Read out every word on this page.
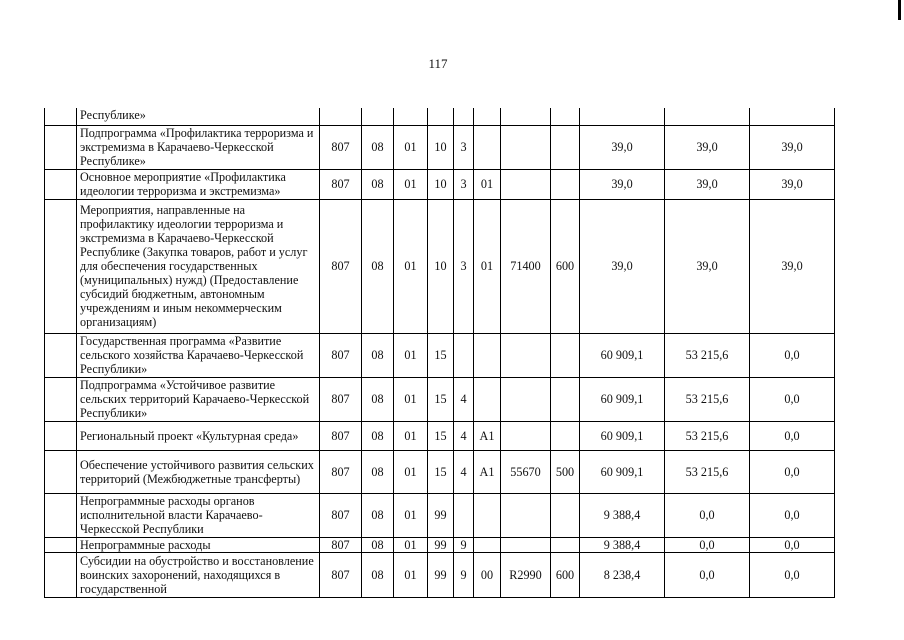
117
	Республике»											
	Подпрограмма «Профилактика терроризма и экстремизма в Карачаево-Черкесской Республике»	807	08	01	10	3				39,0	39,0	39,0
	Основное мероприятие «Профилактика идеологии терроризма и экстремизма»	807	08	01	10	3	01			39,0	39,0	39,0
	Мероприятия, направленные на профилактику идеологии терроризма и экстремизма в Карачаево-Черкесской Республике (Закупка товаров, работ и услуг для обеспечения государственных (муниципальных) нужд) (Предоставление субсидий бюджетным, автономным учреждениям и иным некоммерческим организациям)	807	08	01	10	3	01	71400	600	39,0	39,0	39,0
	Государственная программа «Развитие сельского хозяйства Карачаево-Черкесской Республики»	807	08	01	15					60 909,1	53 215,6	0,0
	Подпрограмма «Устойчивое развитие сельских территорий Карачаево-Черкесской Республики»	807	08	01	15	4				60 909,1	53 215,6	0,0
	Региональный проект «Культурная среда»	807	08	01	15	4	А1			60 909,1	53 215,6	0,0
	Обеспечение устойчивого развития сельских территорий (Межбюджетные трансферты)	807	08	01	15	4	А1	55670	500	60 909,1	53 215,6	0,0
	Непрограммные расходы органов исполнительной власти Карачаево-Черкесской Республики	807	08	01	99					9 388,4	0,0	0,0
	Непрограммные расходы	807	08	01	99	9				9 388,4	0,0	0,0
	Субсидии на обустройство и восстановление воинских захоронений, находящихся в государственной	807	08	01	99	9	00	R2990	600	8 238,4	0,0	0,0
